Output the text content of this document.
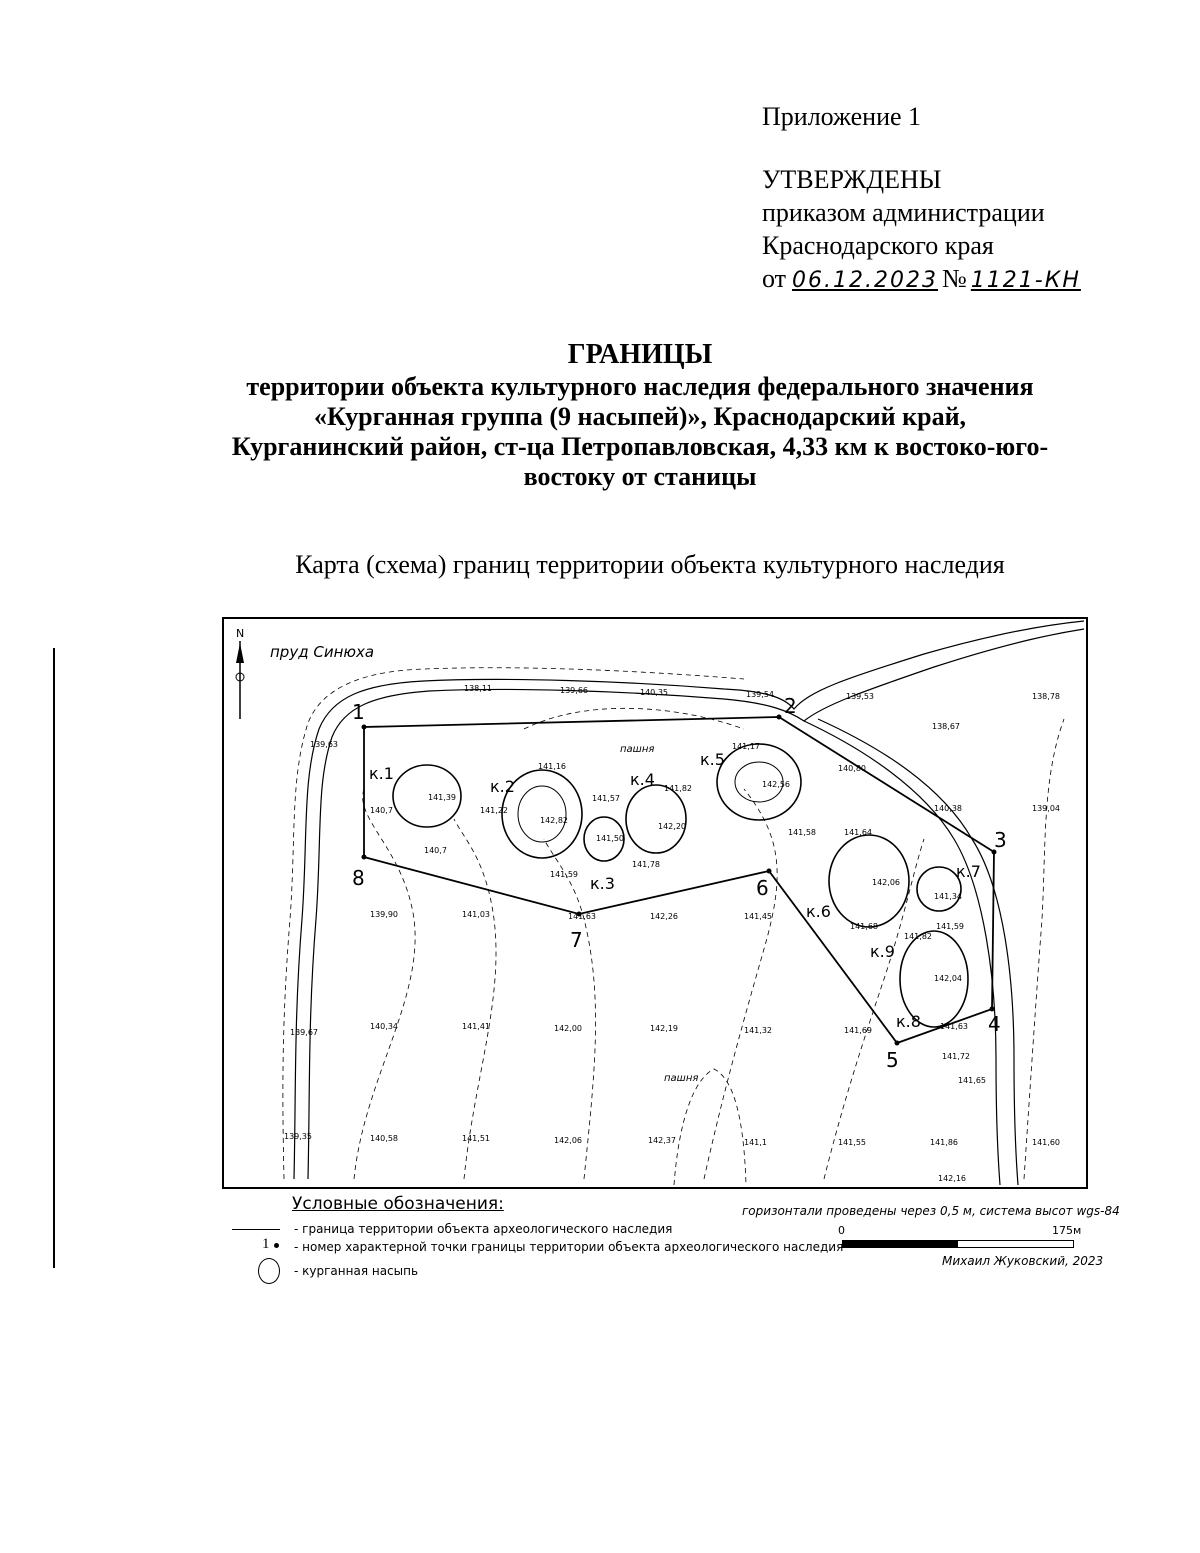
Приложение 1
УТВЕРЖДЕНЫ
приказом администрации
Краснодарского края
от 06.12.2023 № 1121-КН
ГРАНИЦЫ
территории объекта культурного наследия федерального значения
«Курганная группа (9 насыпей)», Краснодарский край,
Курганинский район, ст-ца Петропавловская, 4,33 км к востоко-юго-
востоку от станицы
Карта (схема) границ территории объекта культурного наследия
N
пруд Синюха
пашня
пашня
1	2
3
4
5
6
7
8
к.1
к.2
к.3
к.4
к.5
к.6
к.7
к.8
к.9
138,11	139,66	140,35	139,54	139,53	138,78
138,67
139,63
140,7
141,39
141,22
142,82
141,16
141,57
141,50
141,82
142,20
141,78
141,59
141,63	142,26	141,45
141,17
142,56
141,58
140,80
140,38	139,04
141,64
142,06
141,68
141,34
141,59
141,82
142,04
141,63
141,72
141,65
139,90	141,03
140,7
140,34	141,41	142,00	142,19	141,32	141,69
139,67
139,35	140,58	141,51	142,06	142,37	141,1	141,55	141,86	141,60
142,16
Условные обозначения:
- граница территории объекта археологического наследия
1 - номер характерной точки границы территории объекта археологического наследия
- курганная насыпь
горизонтали проведены через 0,5 м, система высот wgs-84
0	175м
Михаил Жуковский, 2023
